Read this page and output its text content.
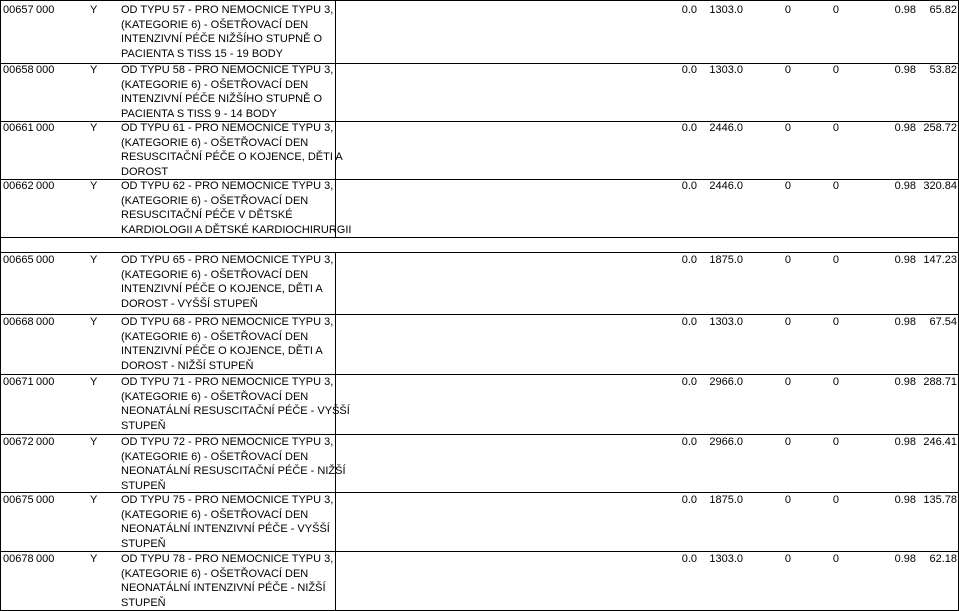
00657 000	Y OD TYPU 57 - PRO NEMOCNICE TYPU 3,
(KATEGORIE 6) - OŠETŘOVACÍ DEN
INTENZIVNÍ PÉČE NIŽŠÍHO STUPNĚ O
PACIENTA S TISS 15 - 19 BODY
0.0 1303.0	0	0	0.98 65.82
00658 000	Y OD TYPU 58 - PRO NEMOCNICE TYPU 3,
(KATEGORIE 6) - OŠETŘOVACÍ DEN
INTENZIVNÍ PÉČE NIŽŠÍHO STUPNĚ O
PACIENTA S TISS 9 - 14 BODY
0.0 1303.0	0	0	0.98 53.82
00661 000	Y OD TYPU 61 - PRO NEMOCNICE TYPU 3,
(KATEGORIE 6) - OŠETŘOVACÍ DEN
RESUSCITAČNÍ PÉČE O KOJENCE, DĚTI A
DOROST
0.0 2446.0	0	0	0.98 258.72
00662 000	Y OD TYPU 62 - PRO NEMOCNICE TYPU 3,
(KATEGORIE 6) - OŠETŘOVACÍ DEN
RESUSCITAČNÍ PÉČE V DĚTSKÉ
KARDIOLOGII A DĚTSKÉ KARDIOCHIRURGII
0.0 2446.0	0	0	0.98 320.84
00665 000	Y OD TYPU 65 - PRO NEMOCNICE TYPU 3,
(KATEGORIE 6) - OŠETŘOVACÍ DEN
INTENZIVNÍ PÉČE O KOJENCE, DĚTI A
DOROST - VYŠŠÍ STUPEŇ
0.0 1875.0	0	0	0.98 147.23
00668 000	Y OD TYPU 68 - PRO NEMOCNICE TYPU 3,
(KATEGORIE 6) - OŠETŘOVACÍ DEN
INTENZIVNÍ PÉČE O KOJENCE, DĚTI A
DOROST - NIŽŠÍ STUPEŇ
0.0 1303.0	0	0	0.98 67.54
00671 000	Y OD TYPU 71 - PRO NEMOCNICE TYPU 3,
(KATEGORIE 6) - OŠETŘOVACÍ DEN
NEONATÁLNÍ RESUSCITAČNÍ PÉČE - VYŠŠÍ
STUPEŇ
0.0 2966.0	0	0	0.98 288.71
00672 000	Y OD TYPU 72 - PRO NEMOCNICE TYPU 3,
(KATEGORIE 6) - OŠETŘOVACÍ DEN
NEONATÁLNÍ RESUSCITAČNÍ PÉČE - NIŽŠÍ
STUPEŇ
0.0 2966.0	0	0	0.98 246.41
00675 000	Y OD TYPU 75 - PRO NEMOCNICE TYPU 3,
(KATEGORIE 6) - OŠETŘOVACÍ DEN
NEONATÁLNÍ INTENZIVNÍ PÉČE - VYŠŠÍ
STUPEŇ
0.0 1875.0	0	0	0.98 135.78
00678 000	Y OD TYPU 78 - PRO NEMOCNICE TYPU 3,
(KATEGORIE 6) - OŠETŘOVACÍ DEN
NEONATÁLNÍ INTENZIVNÍ PÉČE - NIŽŠÍ
STUPEŇ
0.0 1303.0	0	0	0.98 62.18
